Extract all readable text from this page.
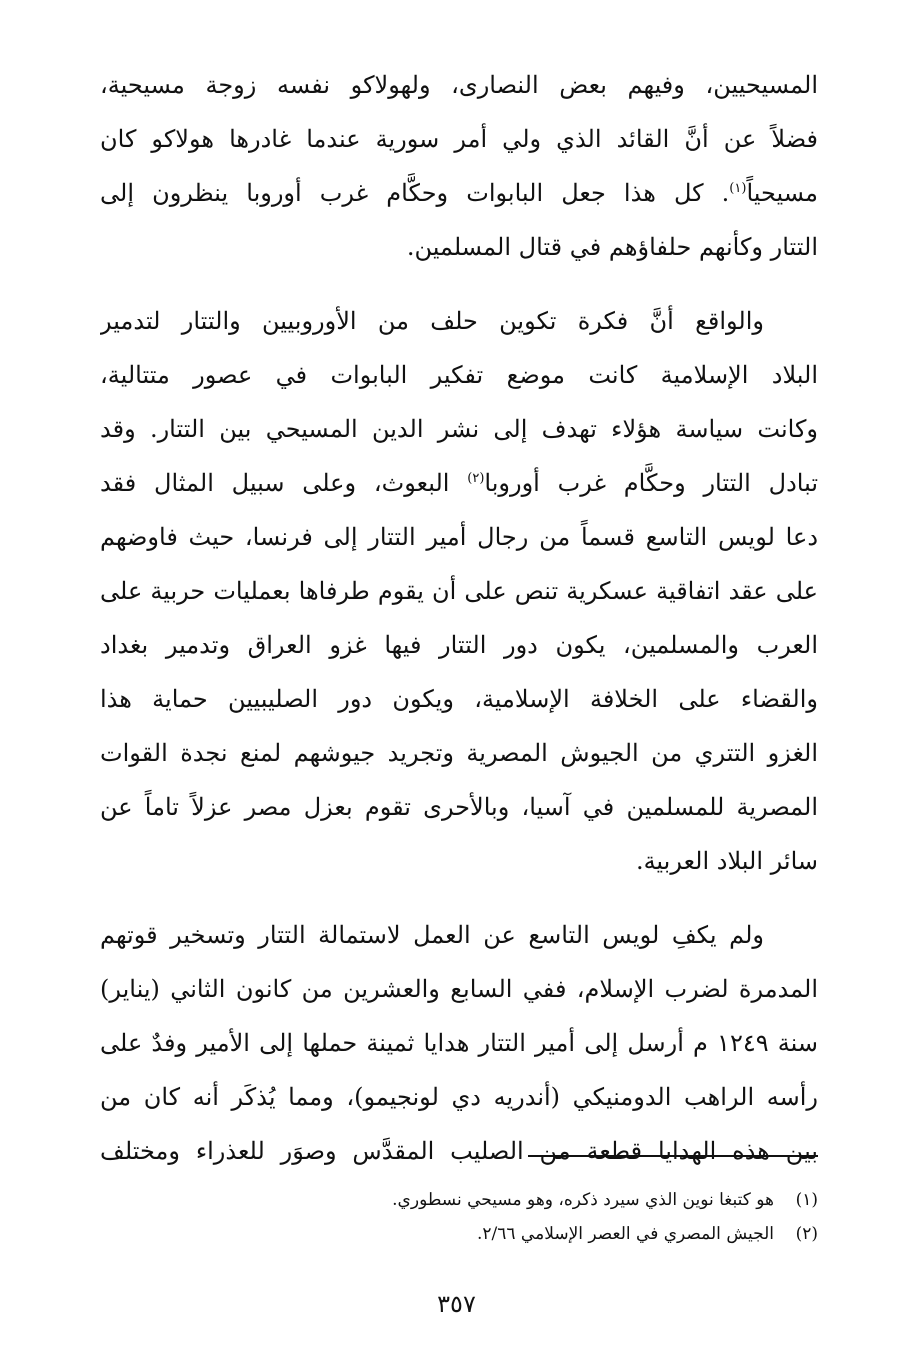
المسيحيين، وفيهم بعض النصارى، ولهولاكو نفسه زوجة مسيحية،

فضلاً عن أنَّ القائد الذي ولي أمر سورية عندما غادرها هولاكو كان

مسيحياً$^{(١)}$. كل هذا جعل البابوات وحكَّام غرب أوروبا ينظرون إلى

التتار وكأنهم حلفاؤهم في قتال المسلمين.

والواقع أنَّ فكرة تكوين حلف من الأوروبيين والتتار لتدمير

البلاد الإسلامية كانت موضع تفكير البابوات في عصور متتالية،

وكانت سياسة هؤلاء تهدف إلى نشر الدين المسيحي بين التتار. وقد

تبادل التتار وحكَّام غرب أوروبا$^{(٢)}$ البعوث، وعلى سبيل المثال فقد

دعا لويس التاسع قسماً من رجال أمير التتار إلى فرنسا، حيث فاوضهم

على عقد اتفاقية عسكرية تنص على أن يقوم طرفاها بعمليات حربية على

العرب والمسلمين، يكون دور التتار فيها غزو العراق وتدمير بغداد

والقضاء على الخلافة الإسلامية، ويكون دور الصليبيين حماية هذا

الغزو التتري من الجيوش المصرية وتجريد جيوشهم لمنع نجدة القوات

المصرية للمسلمين في آسيا، وبالأحرى تقوم بعزل مصر عزلاً تاماً عن

سائر البلاد العربية.

ولم يكفِ لويس التاسع عن العمل لاستمالة التتار وتسخير قوتهم

المدمرة لضرب الإسلام، ففي السابع والعشرين من كانون الثاني (يناير)

سنة ١٢٤٩ م أرسل إلى أمير التتار هدايا ثمينة حملها إلى الأمير وفدٌ على

رأسه الراهب الدومنيكي (أندريه دي لونجيمو)، ومما يُذكَر أنه كان من

بين هذه الهدايا قطعة من الصليب المقدَّس وصوَر للعذراء ومختلف

(١)هو كتبغا نوين الذي سيرد ذكره، وهو مسيحي نسطوري.

(٢)الجيش المصري في العصر الإسلامي ٢/٦٦.

٣٥٧
